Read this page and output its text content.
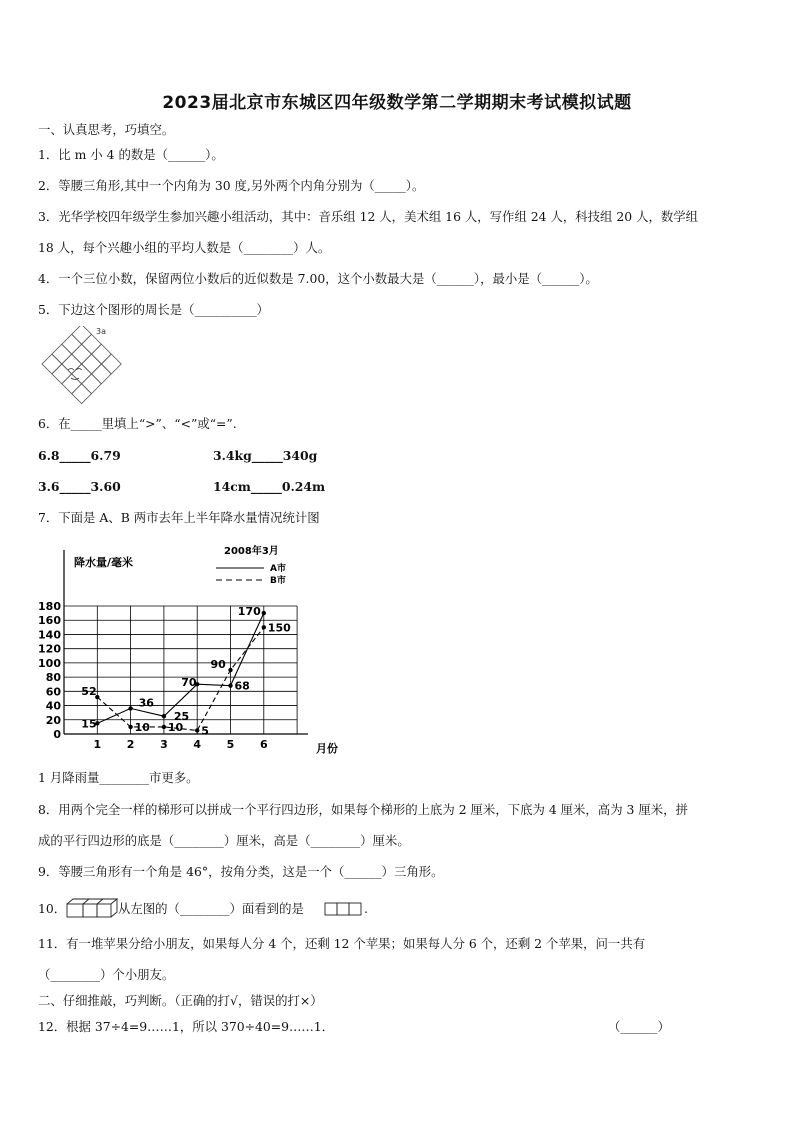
2023届北京市东城区四年级数学第二学期期末考试模拟试题
一、认真思考，巧填空。
1．比 m 小 4 的数是（______）。
2．等腰三角形,其中一个内角为 30 度,另外两个内角分别为（_____）。
3．光华学校四年级学生参加兴趣小组活动，其中：音乐组 12 人，美术组 16 人，写作组 24 人，科技组 20 人，数学组
18 人，每个兴趣小组的平均人数是（________）人。
4．一个三位小数，保留两位小数后的近似数是 7.00，这个小数最大是（______），最小是（______）。
5．下边这个图形的周长是（__________）
3a
6．在_____里填上“>”、“<”或“=”.
6.8_____6.79	3.4kg_____340g
3.6_____3.60	14cm_____0.24m
7．下面是 A、B 两市去年上半年降水量情况统计图
降水量/毫米
2008年3月
A市
B市
0
20
40
60
80
100
120
140
160
180
1 2 3 4 5 6
15
36
25
70	68
170
52
10 10 5
90
150
月份
1 月降雨量________市更多。
8．用两个完全一样的梯形可以拼成一个平行四边形，如果每个梯形的上底为 2 厘米，下底为 4 厘米，高为 3 厘米，拼
成的平行四边形的底是（________）厘米，高是（________）厘米。
9．等腰三角形有一个角是 46°，按角分类，这是一个（______）三角形。
10．	从左图的（________）面看到的是	.
11．有一堆苹果分给小朋友，如果每人分 4 个，还剩 12 个苹果；如果每人分 6 个，还剩 2 个苹果，问一共有
（________）个小朋友。
二、仔细推敲，巧判断。（正确的打√，错误的打×）
12．根据 37÷4=9……1，所以 370÷40=9……1．	（______）
